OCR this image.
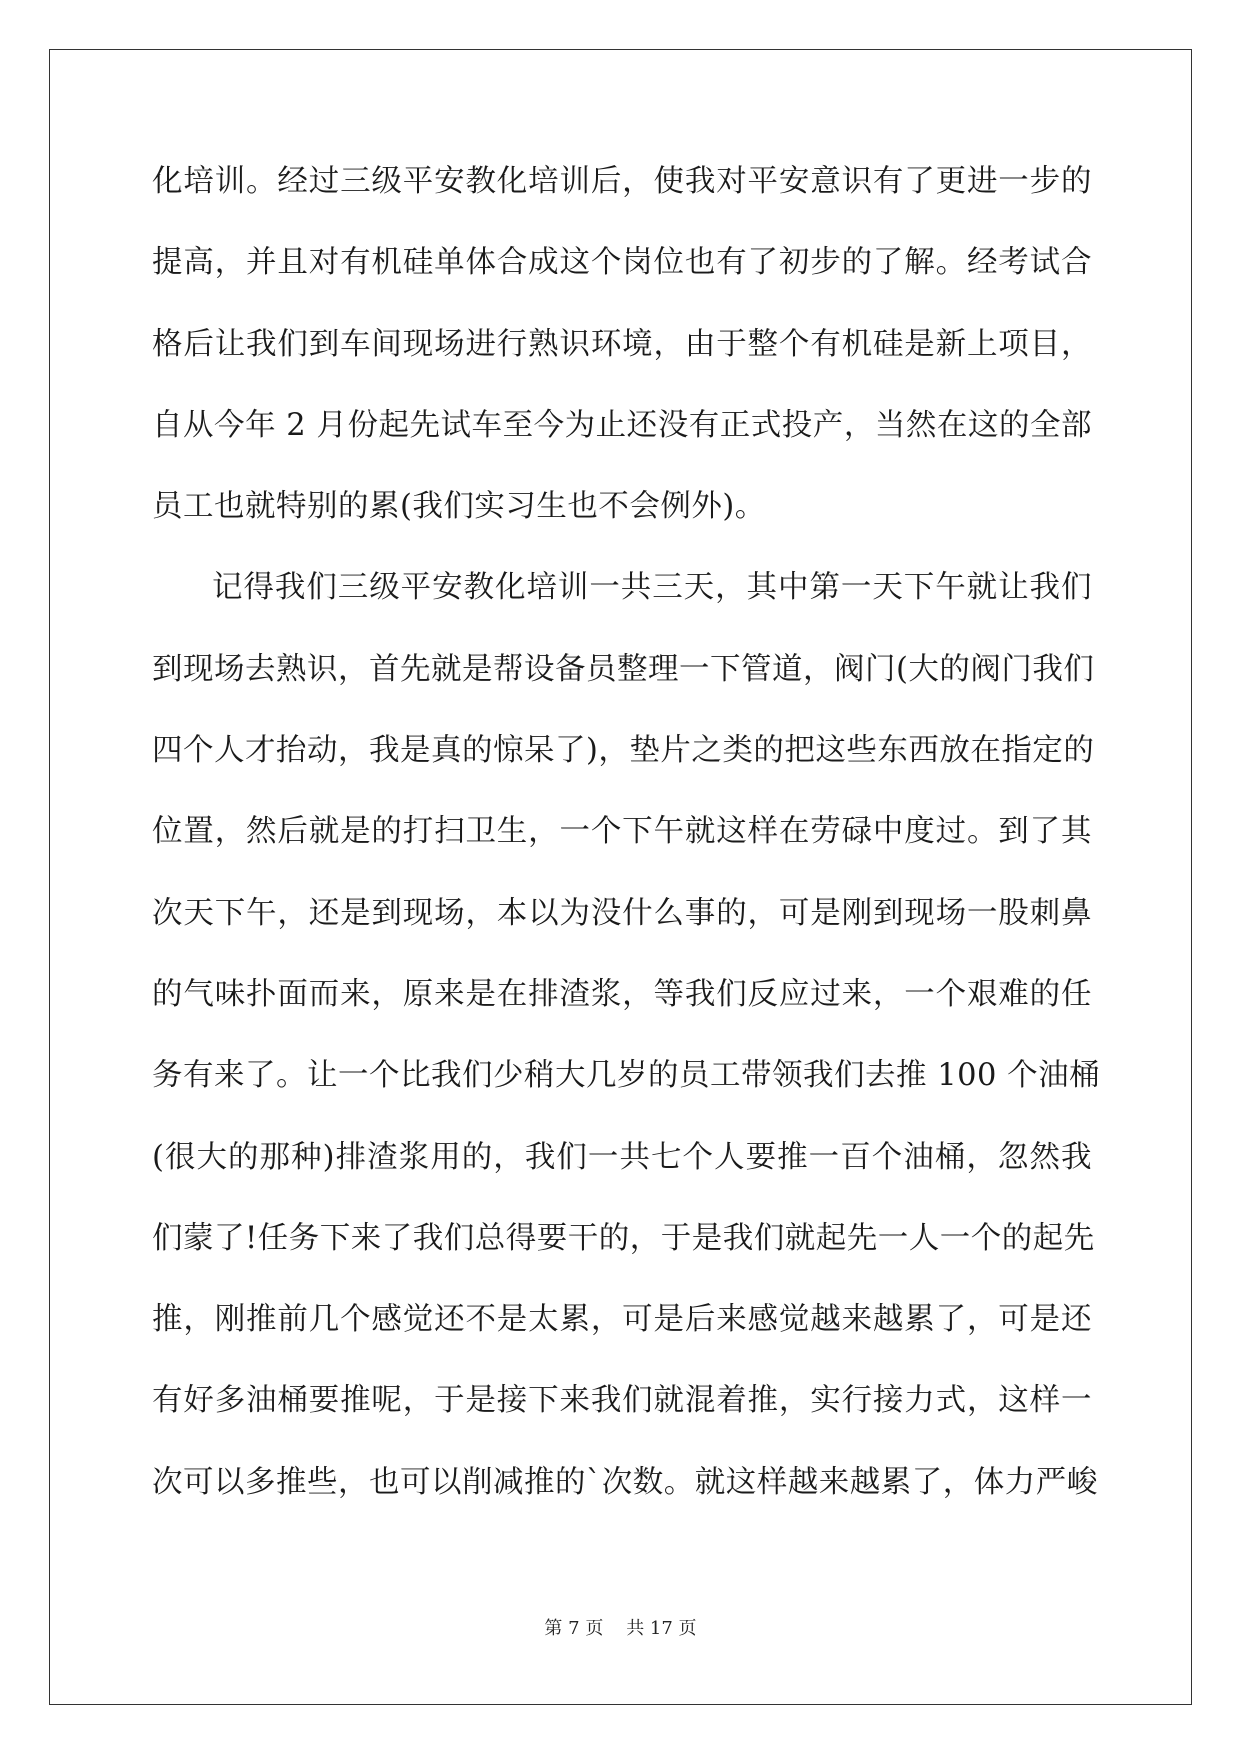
化培训。经过三级平安教化培训后，使我对平安意识有了更进一步的
提高，并且对有机硅单体合成这个岗位也有了初步的了解。经考试合
格后让我们到车间现场进行熟识环境，由于整个有机硅是新上项目，
自从今年 2 月份起先试车至今为止还没有正式投产，当然在这的全部
员工也就特别的累(我们实习生也不会例外)。
记得我们三级平安教化培训一共三天，其中第一天下午就让我们
到现场去熟识，首先就是帮设备员整理一下管道，阀门(大的阀门我们
四个人才抬动，我是真的惊呆了)，垫片之类的把这些东西放在指定的
位置，然后就是的打扫卫生，一个下午就这样在劳碌中度过。到了其
次天下午，还是到现场，本以为没什么事的，可是刚到现场一股刺鼻
的气味扑面而来，原来是在排渣浆，等我们反应过来，一个艰难的任
务有来了。让一个比我们少稍大几岁的员工带领我们去推 100 个油桶
(很大的那种)排渣浆用的，我们一共七个人要推一百个油桶，忽然我
们蒙了!任务下来了我们总得要干的，于是我们就起先一人一个的起先
推，刚推前几个感觉还不是太累，可是后来感觉越来越累了，可是还
有好多油桶要推呢，于是接下来我们就混着推，实行接力式，这样一
次可以多推些，也可以削减推的`次数。就这样越来越累了，体力严峻
第 7 页    共 17 页
